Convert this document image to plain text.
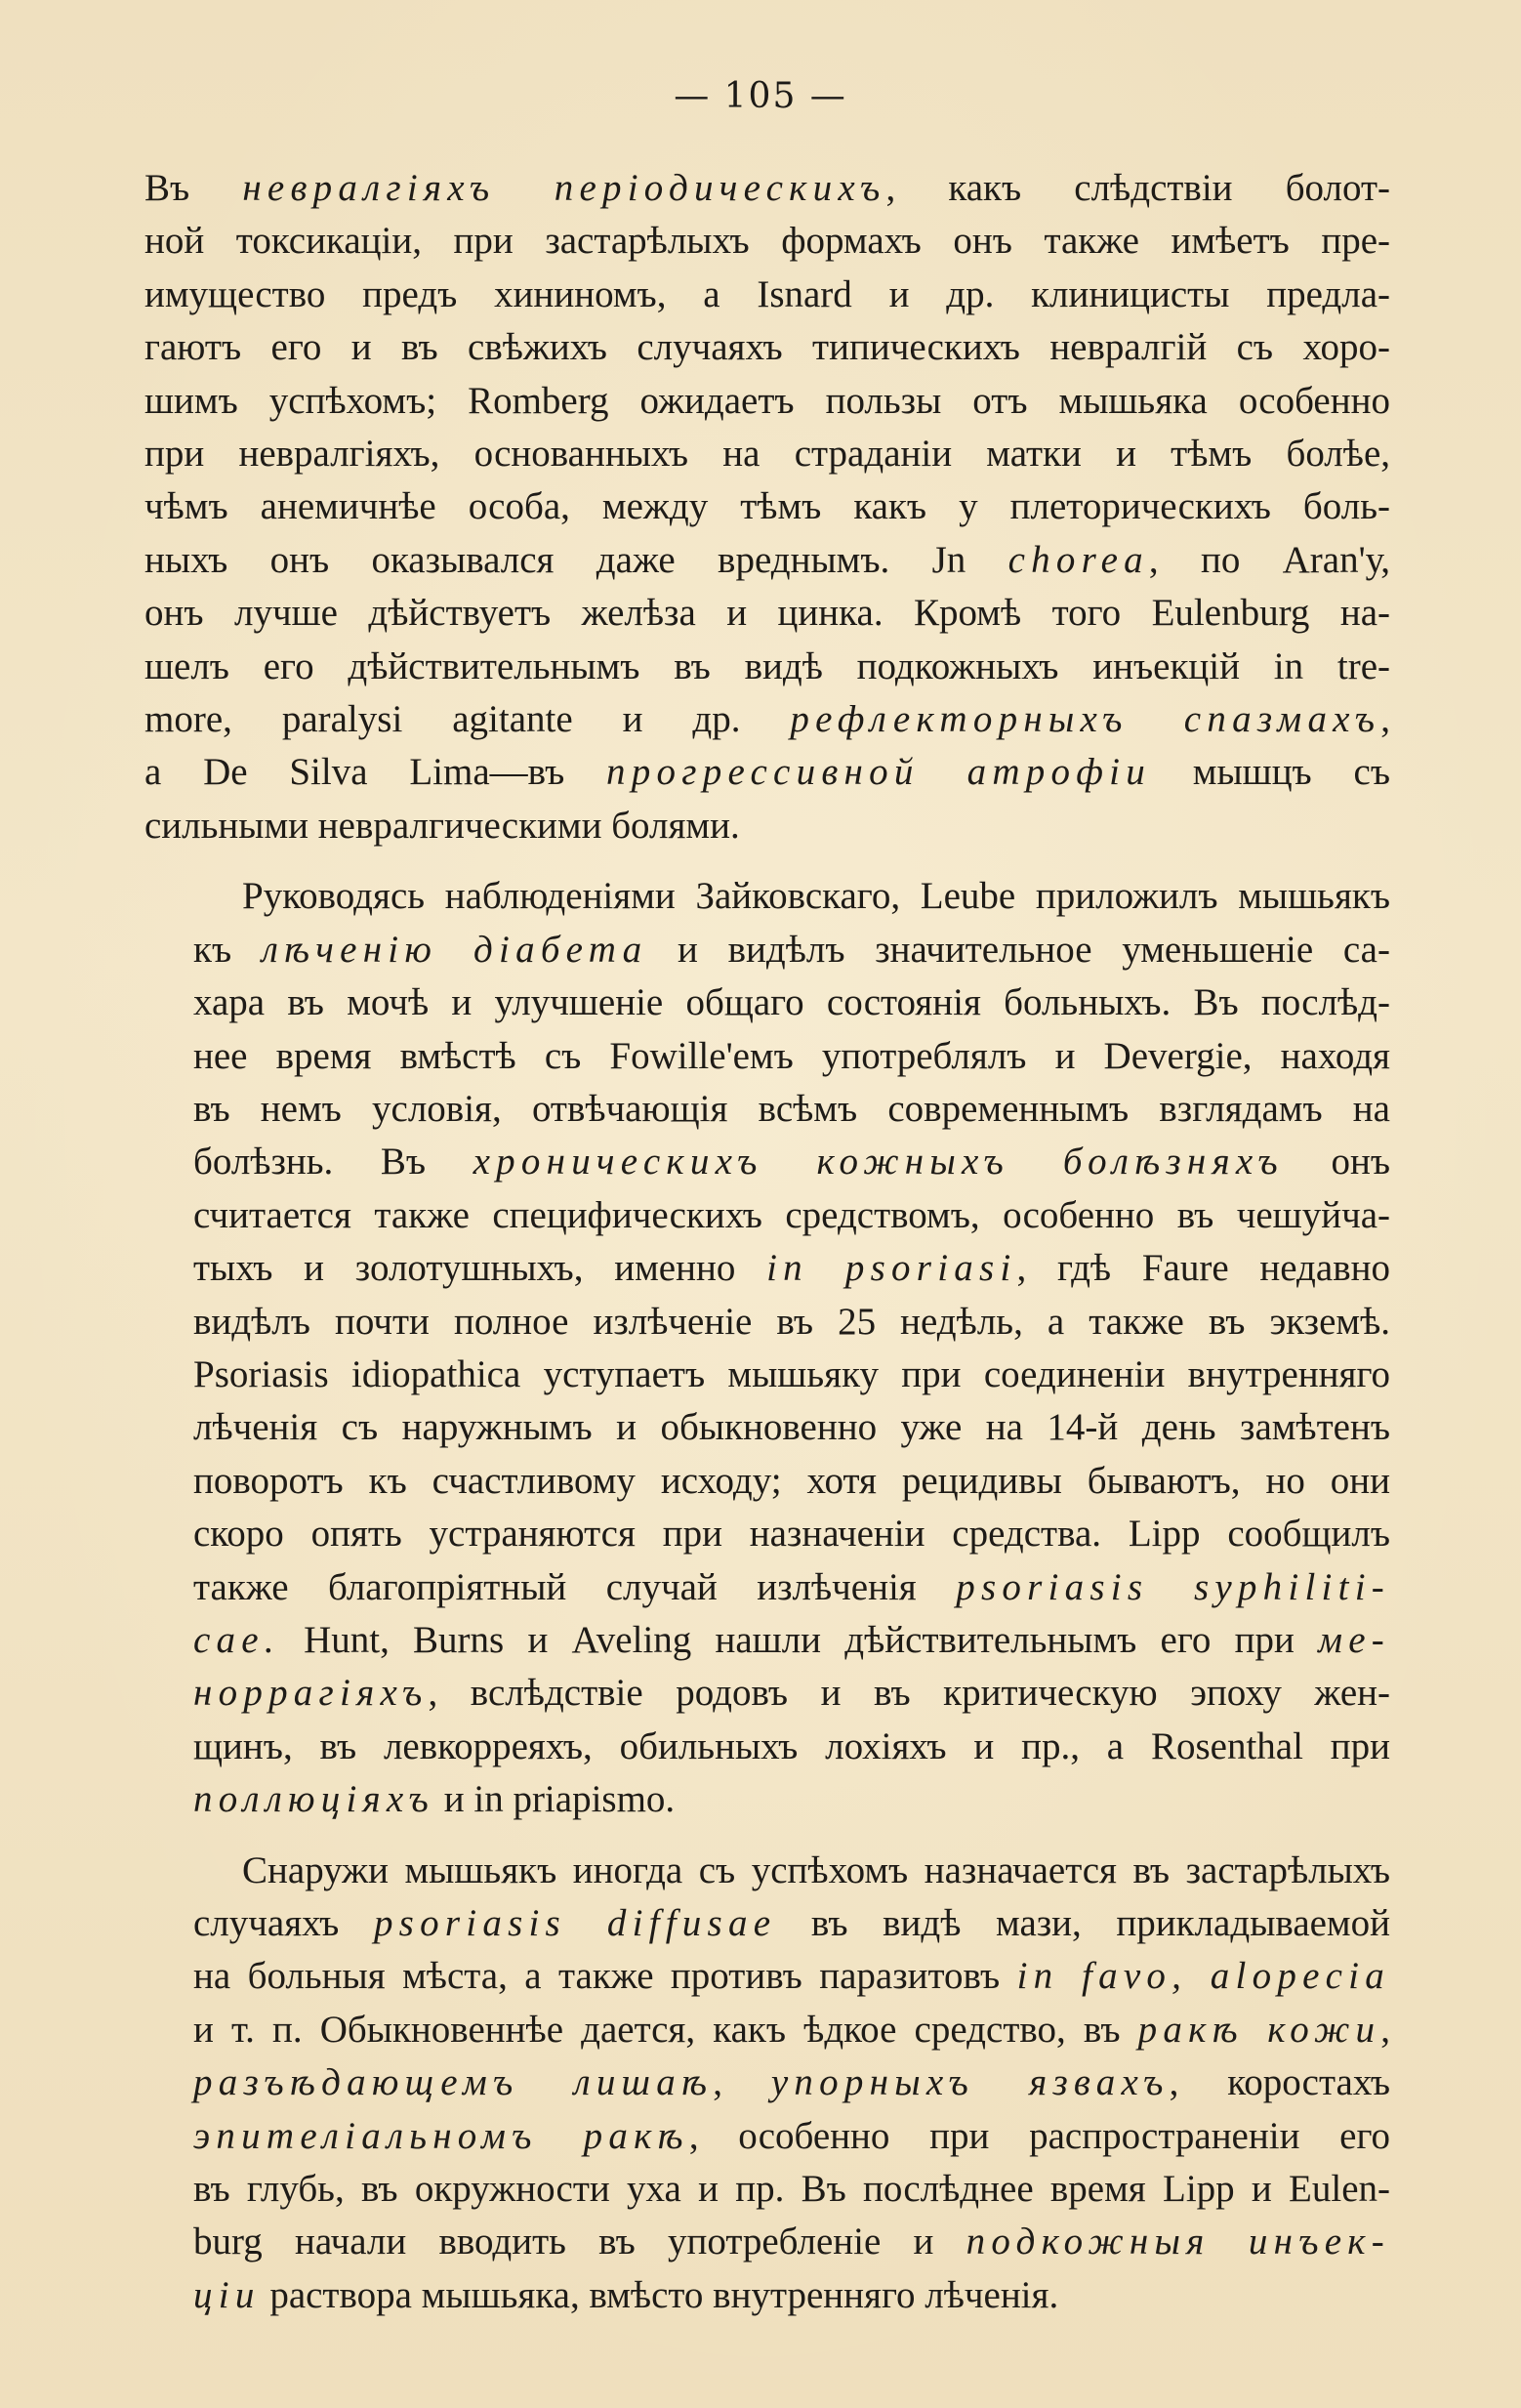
— 105 —
Въ невралгіяхъ періодическихъ, какъ слѣдствіи болот-
ной токсикаціи, при застарѣлыхъ формахъ онъ также имѣетъ пре-
имущество предъ хининомъ, а Isnard и др. клиницисты предла-
гаютъ его и въ свѣжихъ случаяхъ типическихъ невралгій съ хоро-
шимъ успѣхомъ; Romberg ожидаетъ пользы отъ мышьяка особенно
при невралгіяхъ, основанныхъ на страданіи матки и тѣмъ болѣе,
чѣмъ анемичнѣе особа, между тѣмъ какъ у плеторическихъ боль-
ныхъ онъ оказывался даже вреднымъ. Jn chorea, по Aran'у,
онъ лучше дѣйствуетъ желѣза и цинка. Кромѣ того Eulenburg на-
шелъ его дѣйствительнымъ въ видѣ подкожныхъ инъекцій in tre-
more, paralysi agitante и др. рефлекторныхъ спазмахъ,
а De Silva Lima—въ прогрессивной атрофіи мышцъ съ
сильными невралгическими болями.
Руководясь наблюденіями Зайковскаго, Leube приложилъ мышьякъ
къ лѣченію діабета и видѣлъ значительное уменьшеніе са-
хара въ мочѣ и улучшеніе общаго состоянія больныхъ. Въ послѣд-
нее время вмѣстѣ съ Fowille'емъ употреблялъ и Devergie, находя
въ немъ условія, отвѣчающія всѣмъ современнымъ взглядамъ на
болѣзнь. Въ хроническихъ кожныхъ болѣзняхъ онъ
считается также специфическихъ средствомъ, особенно въ чешуйча-
тыхъ и золотушныхъ, именно in psoriasi, гдѣ Faure недавно
видѣлъ почти полное излѣченіе въ 25 недѣль, а также въ экземѣ.
Psoriasis idiopathica уступаетъ мышьяку при соединеніи внутренняго
лѣченія съ наружнымъ и обыкновенно уже на 14-й день замѣтенъ
поворотъ къ счастливому исходу; хотя рецидивы бываютъ, но они
скоро опять устраняются при назначеніи средства. Lipp сообщилъ
также благопріятный случай излѣченія psoriasis syphiliti-
cae. Hunt, Burns и Aveling нашли дѣйствительнымъ его при ме-
норрагіяхъ, вслѣдствіе родовъ и въ критическую эпоху жен-
щинъ, въ левкорреяхъ, обильныхъ лохіяхъ и пр., а Rosenthal при
поллюціяхъ и in priapismo.
Снаружи мышьякъ иногда съ успѣхомъ назначается въ застарѣлыхъ
случаяхъ psoriasis diffusae въ видѣ мази, прикладываемой
на больныя мѣста, а также противъ паразитовъ in favo, alopecia
и т. п. Обыкновеннѣе дается, какъ ѣдкое средство, въ ракѣ кожи,
разъѣдающемъ лишаѣ, упорныхъ язвахъ, коростахъ
эпителіальномъ ракѣ, особенно при распространеніи его
въ глубь, въ окружности уха и пр. Въ послѣднее время Lipp и Eulen-
burg начали вводить въ употребленіе и подкожныя инъек-
ціи раствора мышьяка, вмѣсто внутренняго лѣченія.
